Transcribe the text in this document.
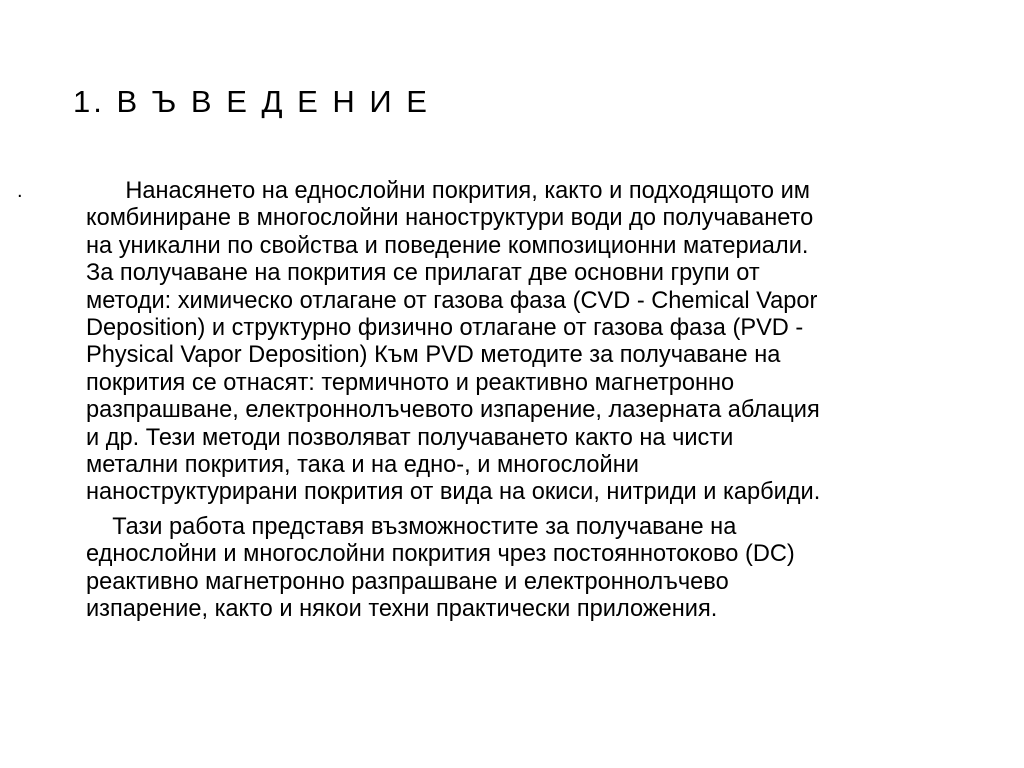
1. В Ъ В Е Д Е Н И Е
.	Нанасянето на еднослойни покрития, както и подходящото им
комбиниране в многослойни наноструктури води до получаването
на уникални по свойства и поведение композиционни материали.
За получаване на покрития се прилагат две основни групи от
методи: химическо отлагане от газова фаза (CVD - Chemical Vapor
Deposition) и структурно физично отлагане от газова фаза (PVD -
Physical Vapor Deposition) Към PVD методите за получаване на
покрития се отнасят: термичното и реактивно магнетронно
разпрашване, електроннолъчевото изпарение, лазерната аблация
и др. Тези методи позволяват получаването както на чисти
метални покрития, така и на едно-, и многослойни
наноструктурирани покрития от вида на окиси, нитриди и карбиди.
Тази работа представя възможностите за получаване на
еднослойни и многослойни покрития чрез постояннотоково (DC)
реактивно магнетронно разпрашване и електроннолъчево
изпарение, както и някои техни практически приложения.
